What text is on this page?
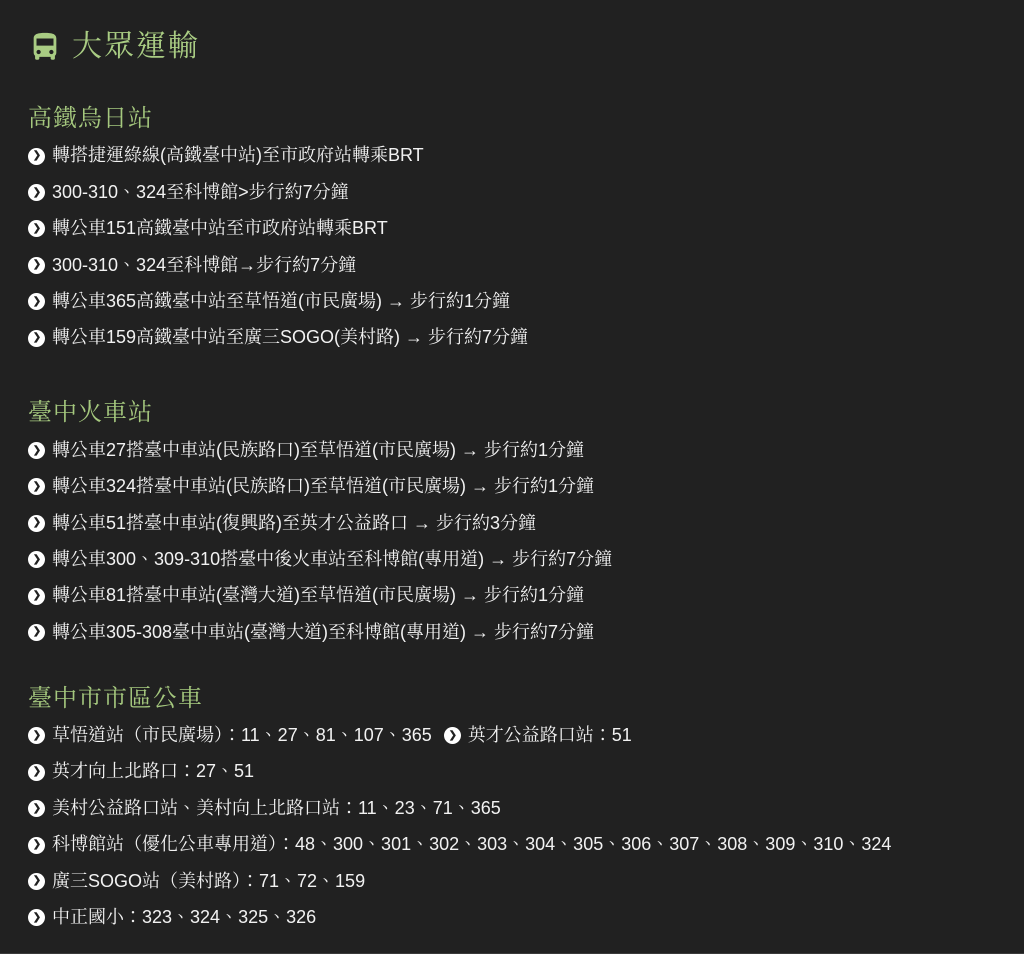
大眾運輸
高鐵烏日站
❯ 轉搭捷運綠線(高鐵臺中站)至市政府站轉乘BRT
❯ 300-310、324至科博館>步行約7分鐘
❯ 轉公車151高鐵臺中站至市政府站轉乘BRT
❯ 300-310、324至科博館→步行約7分鐘
❯ 轉公車365高鐵臺中站至草悟道(市民廣場) → 步行約1分鐘
❯ 轉公車159高鐵臺中站至廣三SOGO(美村路) → 步行約7分鐘
臺中火車站
❯ 轉公車27搭臺中車站(民族路口)至草悟道(市民廣場) → 步行約1分鐘
❯ 轉公車324搭臺中車站(民族路口)至草悟道(市民廣場) → 步行約1分鐘
❯ 轉公車51搭臺中車站(復興路)至英才公益路口 → 步行約3分鐘
❯ 轉公車300、309-310搭臺中後火車站至科博館(專用道) → 步行約7分鐘
❯ 轉公車81搭臺中車站(臺灣大道)至草悟道(市民廣場) → 步行約1分鐘
❯ 轉公車305-308臺中車站(臺灣大道)至科博館(專用道) → 步行約7分鐘
臺中市市區公車
❯ 草悟道站（市民廣場）：11、27、81、107、365	❯ 英才公益路口站：51
❯ 英才向上北路口：27、51
❯ 美村公益路口站、美村向上北路口站：11、23、71、365
❯ 科博館站（優化公車專用道）：48、300、301、302、303、304、305、306、307、308、309、310、324
❯ 廣三SOGO站（美村路）：71、72、159
❯ 中正國小：323、324、325、326
